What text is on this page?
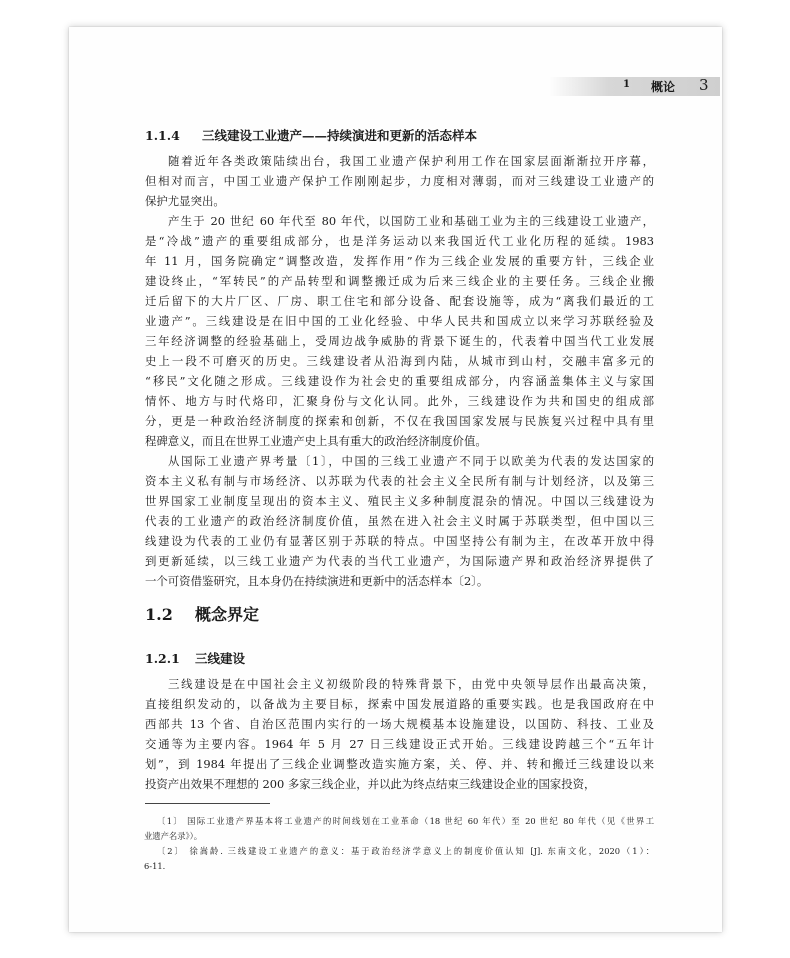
1 概论 3
1.1.4 三线建设工业遗产——持续演进和更新的活态样本
随着近年各类政策陆续出台，我国工业遗产保护利用工作在国家层面渐渐拉开序幕，
但相对而言，中国工业遗产保护工作刚刚起步，力度相对薄弱，而对三线建设工业遗产的
保护尤显突出。
产生于 20 世纪 60 年代至 80 年代，以国防工业和基础工业为主的三线建设工业遗产，
是“冷战”遗产的重要组成部分，也是洋务运动以来我国近代工业化历程的延续。1983
年 11 月，国务院确定“调整改造，发挥作用”作为三线企业发展的重要方针，三线企业
建设终止，“军转民”的产品转型和调整搬迁成为后来三线企业的主要任务。三线企业搬
迁后留下的大片厂区、厂房、职工住宅和部分设备、配套设施等，成为“离我们最近的工
业遗产”。三线建设是在旧中国的工业化经验、中华人民共和国成立以来学习苏联经验及
三年经济调整的经验基础上，受周边战争威胁的背景下诞生的，代表着中国当代工业发展
史上一段不可磨灭的历史。三线建设者从沿海到内陆，从城市到山村，交融丰富多元的
“移民”文化随之形成。三线建设作为社会史的重要组成部分，内容涵盖集体主义与家国
情怀、地方与时代烙印，汇聚身份与文化认同。此外，三线建设作为共和国史的组成部
分，更是一种政治经济制度的探索和创新，不仅在我国国家发展与民族复兴过程中具有里
程碑意义，而且在世界工业遗产史上具有重大的政治经济制度价值。
从国际工业遗产界考量〔1〕，中国的三线工业遗产不同于以欧美为代表的发达国家的
资本主义私有制与市场经济、以苏联为代表的社会主义全民所有制与计划经济，以及第三
世界国家工业制度呈现出的资本主义、殖民主义多种制度混杂的情况。中国以三线建设为
代表的工业遗产的政治经济制度价值，虽然在进入社会主义时属于苏联类型，但中国以三
线建设为代表的工业仍有显著区别于苏联的特点。中国坚持公有制为主，在改革开放中得
到更新延续，以三线工业遗产为代表的当代工业遗产，为国际遗产界和政治经济界提供了
一个可资借鉴研究，且本身仍在持续演进和更新中的活态样本〔2〕。
1.2 概念界定
1.2.1 三线建设
三线建设是在中国社会主义初级阶段的特殊背景下，由党中央领导层作出最高决策，
直接组织发动的，以备战为主要目标，探索中国发展道路的重要实践。也是我国政府在中
西部共 13 个省、自治区范围内实行的一场大规模基本设施建设，以国防、科技、工业及
交通等为主要内容。1964 年 5 月 27 日三线建设正式开始。三线建设跨越三个“五年计
划”，到 1984 年提出了三线企业调整改造实施方案，关、停、并、转和搬迁三线建设以来
投资产出效果不理想的 200 多家三线企业，并以此为终点结束三线建设企业的国家投资，
〔1〕 国际工业遗产界基本将工业遗产的时间线划在工业革命（18 世纪 60 年代）至 20 世纪 80 年代（见《世界工
业遗产名录》）。
〔2〕 徐嵩龄. 三线建设工业遗产的意义：基于政治经济学意义上的制度价值认知 [J]. 东南文化，2020（1）：
6-11.
